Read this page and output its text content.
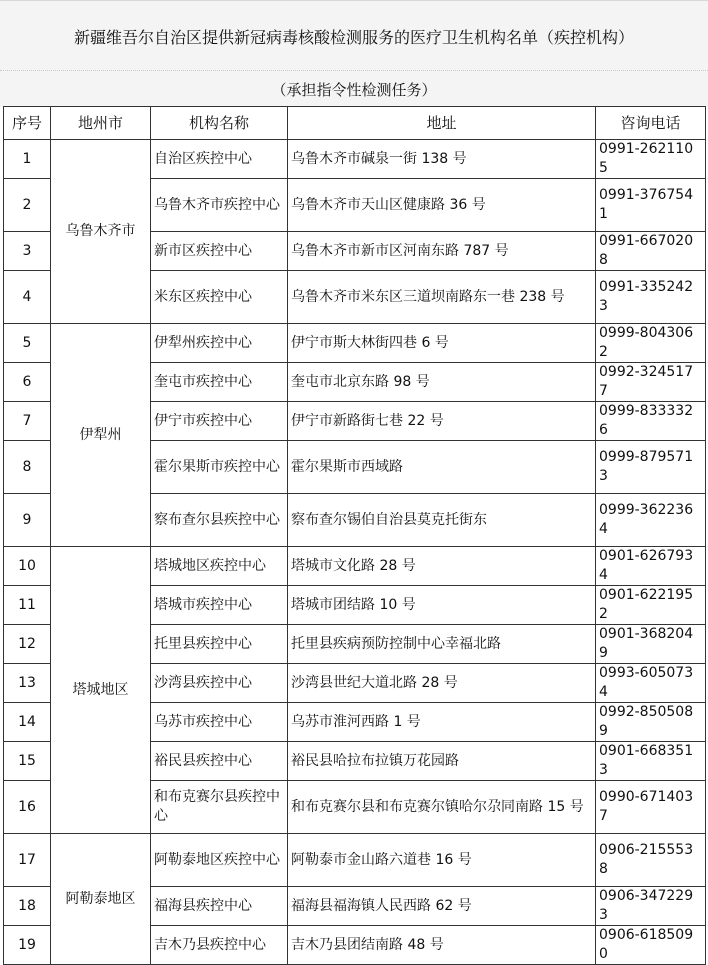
新疆维吾尔自治区提供新冠病毒核酸检测服务的医疗卫生机构名单（疾控机构）
（承担指令性检测任务）
序号	地州市	机构名称	地址	咨询电话
1	乌鲁木齐市	自治区疾控中心	乌鲁木齐市碱泉一街 138 号	0991-2621105
2		乌鲁木齐市疾控中心	乌鲁木齐市天山区健康路 36 号	0991-3767541
3		新市区疾控中心	乌鲁木齐市新市区河南东路 787 号	0991-6670208
4		米东区疾控中心	乌鲁木齐市米东区三道坝南路东一巷 238 号	0991-3352423
5	伊犁州	伊犁州疾控中心	伊宁市斯大林街四巷 6 号	0999-8043062
6		奎屯市疾控中心	奎屯市北京东路 98 号	0992-3245177
7		伊宁市疾控中心	伊宁市新路街七巷 22 号	0999-8333326
8		霍尔果斯市疾控中心	霍尔果斯市西域路	0999-8795713
9		察布查尔县疾控中心	察布查尔锡伯自治县莫克托街东	0999-3622364
10	塔城地区	塔城地区疾控中心	塔城市文化路 28 号	0901-6267934
11		塔城市疾控中心	塔城市团结路 10 号	0901-6221952
12		托里县疾控中心	托里县疾病预防控制中心幸福北路	0901-3682049
13		沙湾县疾控中心	沙湾县世纪大道北路 28 号	0993-6050734
14		乌苏市疾控中心	乌苏市淮河西路 1 号	0992-8505089
15		裕民县疾控中心	裕民县哈拉布拉镇万花园路	0901-6683513
16		和布克赛尔县疾控中心	和布克赛尔县和布克赛尔镇哈尔尕同南路 15 号	0990-6714037
17	阿勒泰地区	阿勒泰地区疾控中心	阿勒泰市金山路六道巷 16 号	0906-2155538
18		福海县疾控中心	福海县福海镇人民西路 62 号	0906-3472293
19		吉木乃县疾控中心	吉木乃县团结南路 48 号	0906-6185090
